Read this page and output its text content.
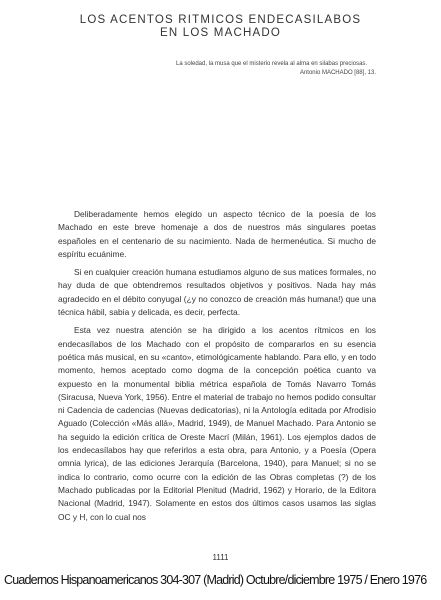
LOS ACENTOS RITMICOS ENDECASILABOS
EN LOS MACHADO
La soledad, la musa que el misterio revela al alma en silabas preciosas.
Antonio MACHADO [88], 13.

Deliberadamente hemos elegido un aspecto técnico de la poesía de los Machado en este breve homenaje a dos de nuestros más singulares poetas españoles en el centenario de su nacimiento. Nada de hermenéutica. Si mucho de espíritu ecuánime.

Si en cualquier creación humana estudiamos alguno de sus matices formales, no hay duda de que obtendremos resultados objetivos y positivos. Nada hay más agradecido en el débito conyugal (¿y no conozco de creación más humana!) que una técnica hábil, sabia y delicada, es decir, perfecta.

Esta vez nuestra atención se ha dirigido a los acentos rítmicos en los endecasílabos de los Machado con el propósito de compararlos en su esencia poética más musical, en su «canto», etimológicamente hablando. Para ello, y en todo momento, hemos aceptado como dogma de la concepción poética cuanto va expuesto en la monumental biblia métrica española de Tomás Navarro Tomás (Siracusa, Nueva York, 1956). Entre el material de trabajo no hemos podido consultar ni Cadencia de cadencias (Nuevas dedicatorias), ni la Antología editada por Afrodisio Aguado (Colección «Más allá», Madrid, 1949), de Manuel Machado. Para Antonio se ha seguido la edición crítica de Oreste Macrí (Milán, 1961). Los ejemplos dados de los endecasílabos hay que referirlos a esta obra, para Antonio, y a Poesía (Opera omnia lyrica), de las ediciones Jerarquía (Barcelona, 1940), para Manuel; si no se indica lo contrario, como ocurre con la edición de las Obras completas (?) de los Machado publicadas por la Editorial Plenitud (Madrid, 1962) y Horario, de la Editora Nacional (Madrid, 1947). Solamente en estos dos últimos casos usamos las siglas OC y H, con lo cual nos

1111
Cuadernos Hispanoamericanos 304-307 (Madrid) Octubre/diciembre 1975 / Enero 1976
